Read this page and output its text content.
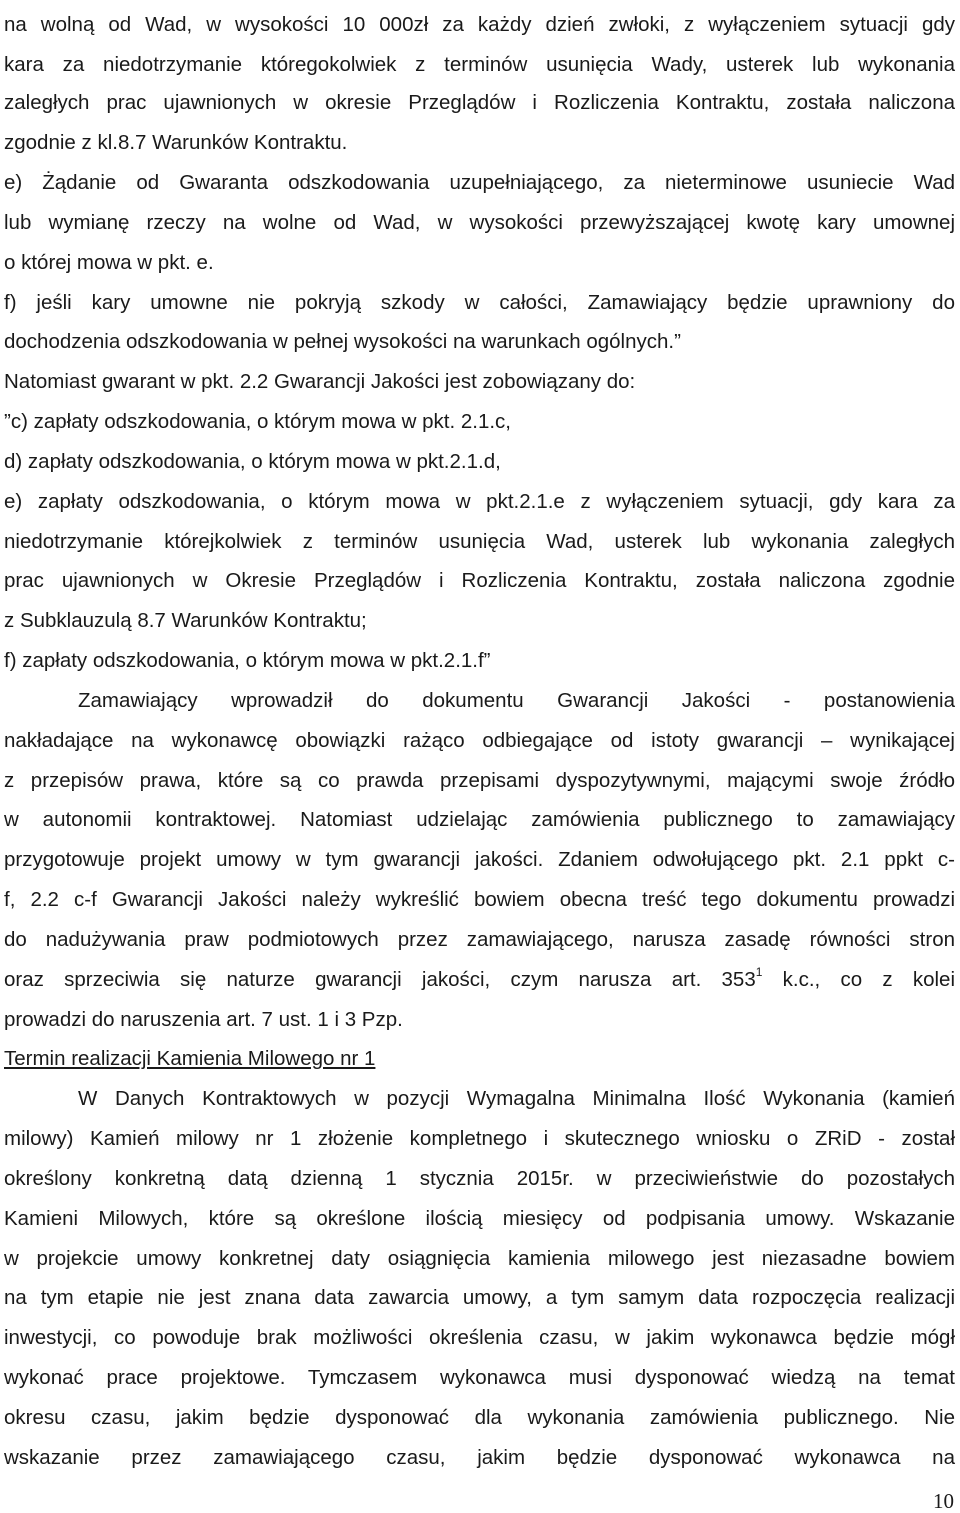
na wolną od Wad, w wysokości 10 000zł za każdy dzień zwłoki, z wyłączeniem sytuacji gdy
kara za niedotrzymanie któregokolwiek z terminów usunięcia Wady, usterek lub wykonania
zaległych prac ujawnionych w okresie Przeglądów i Rozliczenia Kontraktu, została naliczona
zgodnie z kl.8.7 Warunków Kontraktu.
e) Żądanie od Gwaranta odszkodowania uzupełniającego, za nieterminowe usuniecie Wad
lub wymianę rzeczy na wolne od Wad, w wysokości przewyższającej kwotę kary umownej
o której mowa w pkt. e.
f) jeśli kary umowne nie pokryją szkody w całości, Zamawiający będzie uprawniony do
dochodzenia odszkodowania w pełnej wysokości na warunkach ogólnych.”
Natomiast gwarant w pkt. 2.2 Gwarancji Jakości jest zobowiązany do:
”c) zapłaty odszkodowania, o którym mowa w pkt. 2.1.c,
d) zapłaty odszkodowania, o którym mowa w pkt.2.1.d,
e) zapłaty odszkodowania, o którym mowa w pkt.2.1.e z wyłączeniem sytuacji, gdy kara za
niedotrzymanie którejkolwiek z terminów usunięcia Wad, usterek lub wykonania zaległych
prac ujawnionych w Okresie Przeglądów i Rozliczenia Kontraktu, została naliczona zgodnie
z Subklauzulą 8.7 Warunków Kontraktu;
f) zapłaty odszkodowania, o którym mowa w pkt.2.1.f”
Zamawiający wprowadził do dokumentu Gwarancji Jakości - postanowienia
nakładające na wykonawcę obowiązki rażąco odbiegające od istoty gwarancji – wynikającej
z przepisów prawa, które są co prawda przepisami dyspozytywnymi, mającymi swoje źródło
w autonomii kontraktowej. Natomiast udzielając zamówienia publicznego to zamawiający
przygotowuje projekt umowy w tym gwarancji jakości. Zdaniem odwołującego pkt. 2.1 ppkt c-
f, 2.2 c-f Gwarancji Jakości należy wykreślić bowiem obecna treść tego dokumentu prowadzi
do nadużywania praw podmiotowych przez zamawiającego, narusza zasadę równości stron
oraz sprzeciwia się naturze gwarancji jakości, czym narusza art. $353^1$ k.c., co z kolei
prowadzi do naruszenia art. 7 ust. 1 i 3 Pzp.
Termin realizacji Kamienia Milowego nr 1
W Danych Kontraktowych w pozycji Wymagalna Minimalna Ilość Wykonania (kamień
milowy) Kamień milowy nr 1 złożenie kompletnego i skutecznego wniosku o ZRiD - został
określony konkretną datą dzienną 1 stycznia 2015r. w przeciwieństwie do pozostałych
Kamieni Milowych, które są określone ilością miesięcy od podpisania umowy. Wskazanie
w projekcie umowy konkretnej daty osiągnięcia kamienia milowego jest niezasadne bowiem
na tym etapie nie jest znana data zawarcia umowy, a tym samym data rozpoczęcia realizacji
inwestycji, co powoduje brak możliwości określenia czasu, w jakim wykonawca będzie mógł
wykonać prace projektowe. Tymczasem wykonawca musi dysponować wiedzą na temat
okresu czasu, jakim będzie dysponować dla wykonania zamówienia publicznego. Nie
wskazanie przez zamawiającego czasu, jakim będzie dysponować wykonawca na
10
